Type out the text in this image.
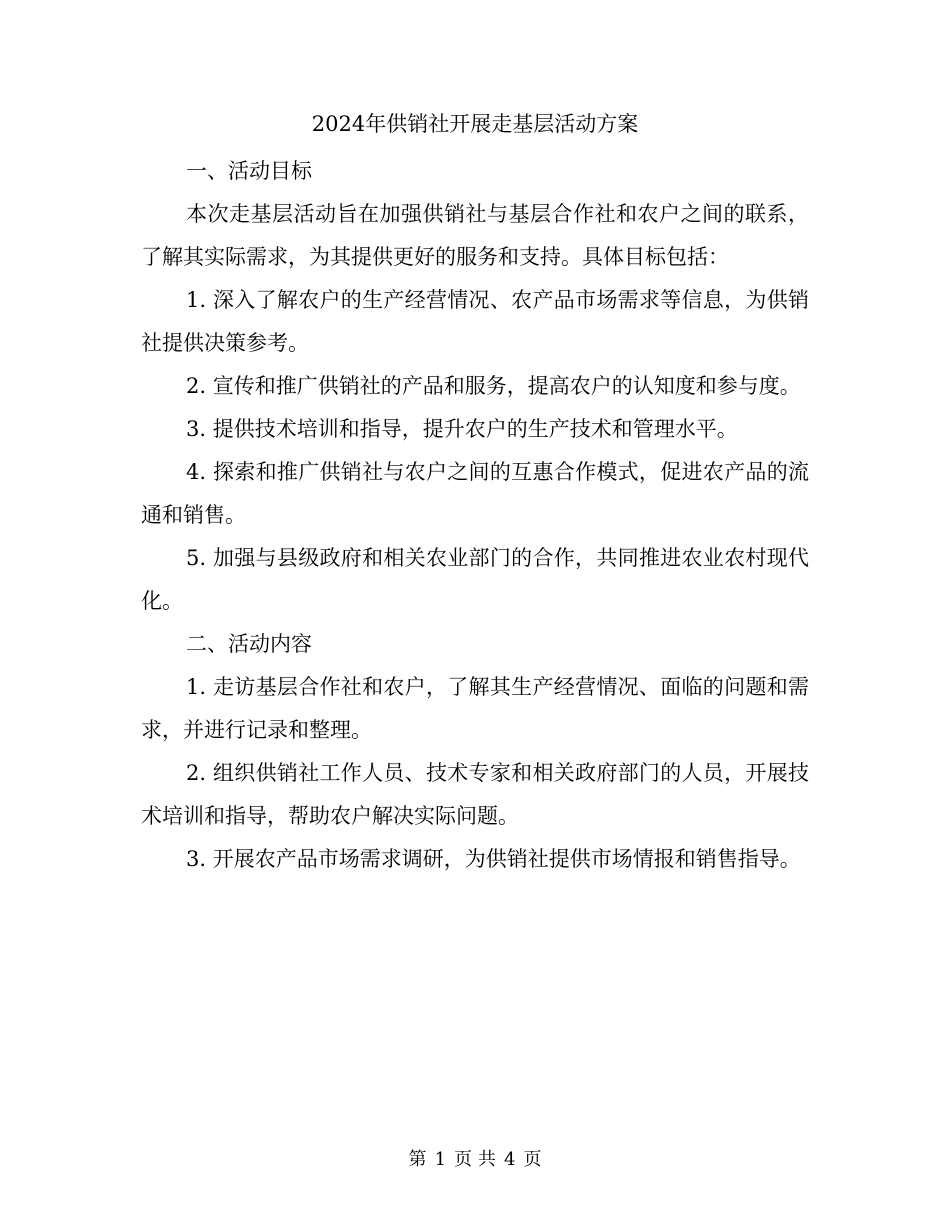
2024年供销社开展走基层活动方案

一、活动目标

本次走基层活动旨在加强供销社与基层合作社和农户之间的联系，了解其实际需求，为其提供更好的服务和支持。具体目标包括：

1. 深入了解农户的生产经营情况、农产品市场需求等信息，为供销社提供决策参考。

2. 宣传和推广供销社的产品和服务，提高农户的认知度和参与度。

3. 提供技术培训和指导，提升农户的生产技术和管理水平。

4. 探索和推广供销社与农户之间的互惠合作模式，促进农产品的流通和销售。

5. 加强与县级政府和相关农业部门的合作，共同推进农业农村现代化。

二、活动内容

1. 走访基层合作社和农户，了解其生产经营情况、面临的问题和需求，并进行记录和整理。

2. 组织供销社工作人员、技术专家和相关政府部门的人员，开展技术培训和指导，帮助农户解决实际问题。

3. 开展农产品市场需求调研，为供销社提供市场情报和销售指导。

第 1 页 共 4 页
